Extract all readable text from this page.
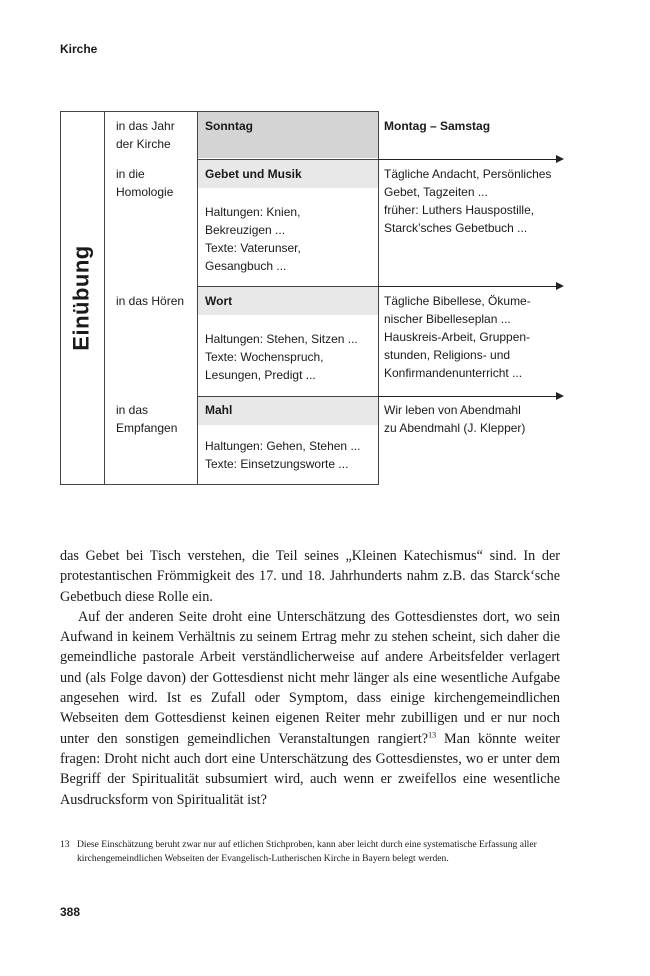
Kirche
Einübung
in das Jahr
der Kirche
Sonntag	Montag – Samstag
in die
Homologie
Gebet und Musik
Haltungen: Knien,
Bekreuzigen ...
Texte: Vaterunser,
Gesangbuch ...
Tägliche Andacht, Persönliches
Gebet, Tagzeiten ...
früher: Luthers Hauspostille,
Starck’sches Gebetbuch ...
in das Hören Wort
Haltungen: Stehen, Sitzen ...
Texte: Wochenspruch,
Lesungen, Predigt ...
Tägliche Bibellese, Ökume-
nischer Bibelleseplan ...
Hauskreis-Arbeit, Gruppen-
stunden, Religions- und
Konfirmandenunterricht ...
in das
Empfangen
Mahl
Haltungen: Gehen, Stehen ...
Texte: Einsetzungsworte ...
Wir leben von Abendmahl
zu Abendmahl (J. Klepper)

das Gebet bei Tisch verstehen, die Teil seines „Kleinen Katechismus“ sind. In der protestantischen Frömmigkeit des 17. und 18. Jahrhunderts nahm z.B. das Starck‘sche Gebetbuch diese Rolle ein.

Auf der anderen Seite droht eine Unterschätzung des Gottesdienstes dort, wo sein Aufwand in keinem Verhältnis zu seinem Ertrag mehr zu stehen scheint, sich daher die gemeindliche pastorale Arbeit verständlicherweise auf andere Arbeitsfelder verlagert und (als Folge davon) der Gottesdienst nicht mehr länger als eine wesentliche Aufgabe angesehen wird. Ist es Zufall oder Symptom, dass einige kirchengemeindlichen Webseiten dem Gottesdienst keinen eigenen Reiter mehr zubilligen und er nur noch unter den sonstigen gemeindlichen Veranstaltungen rangiert?$^{13}$ Man könnte weiter fragen: Droht nicht auch dort eine Unterschätzung des Gottesdienstes, wo er unter dem Begriff der Spiritualität subsumiert wird, auch wenn er zweifellos eine wesentliche Ausdrucksform von Spiritualität ist?

13 Diese Einschätzung beruht zwar nur auf etlichen Stichproben, kann aber leicht durch eine systematische Erfassung aller kirchengemeindlichen Webseiten der Evangelisch-Lutherischen Kirche in Bayern belegt werden.
388
